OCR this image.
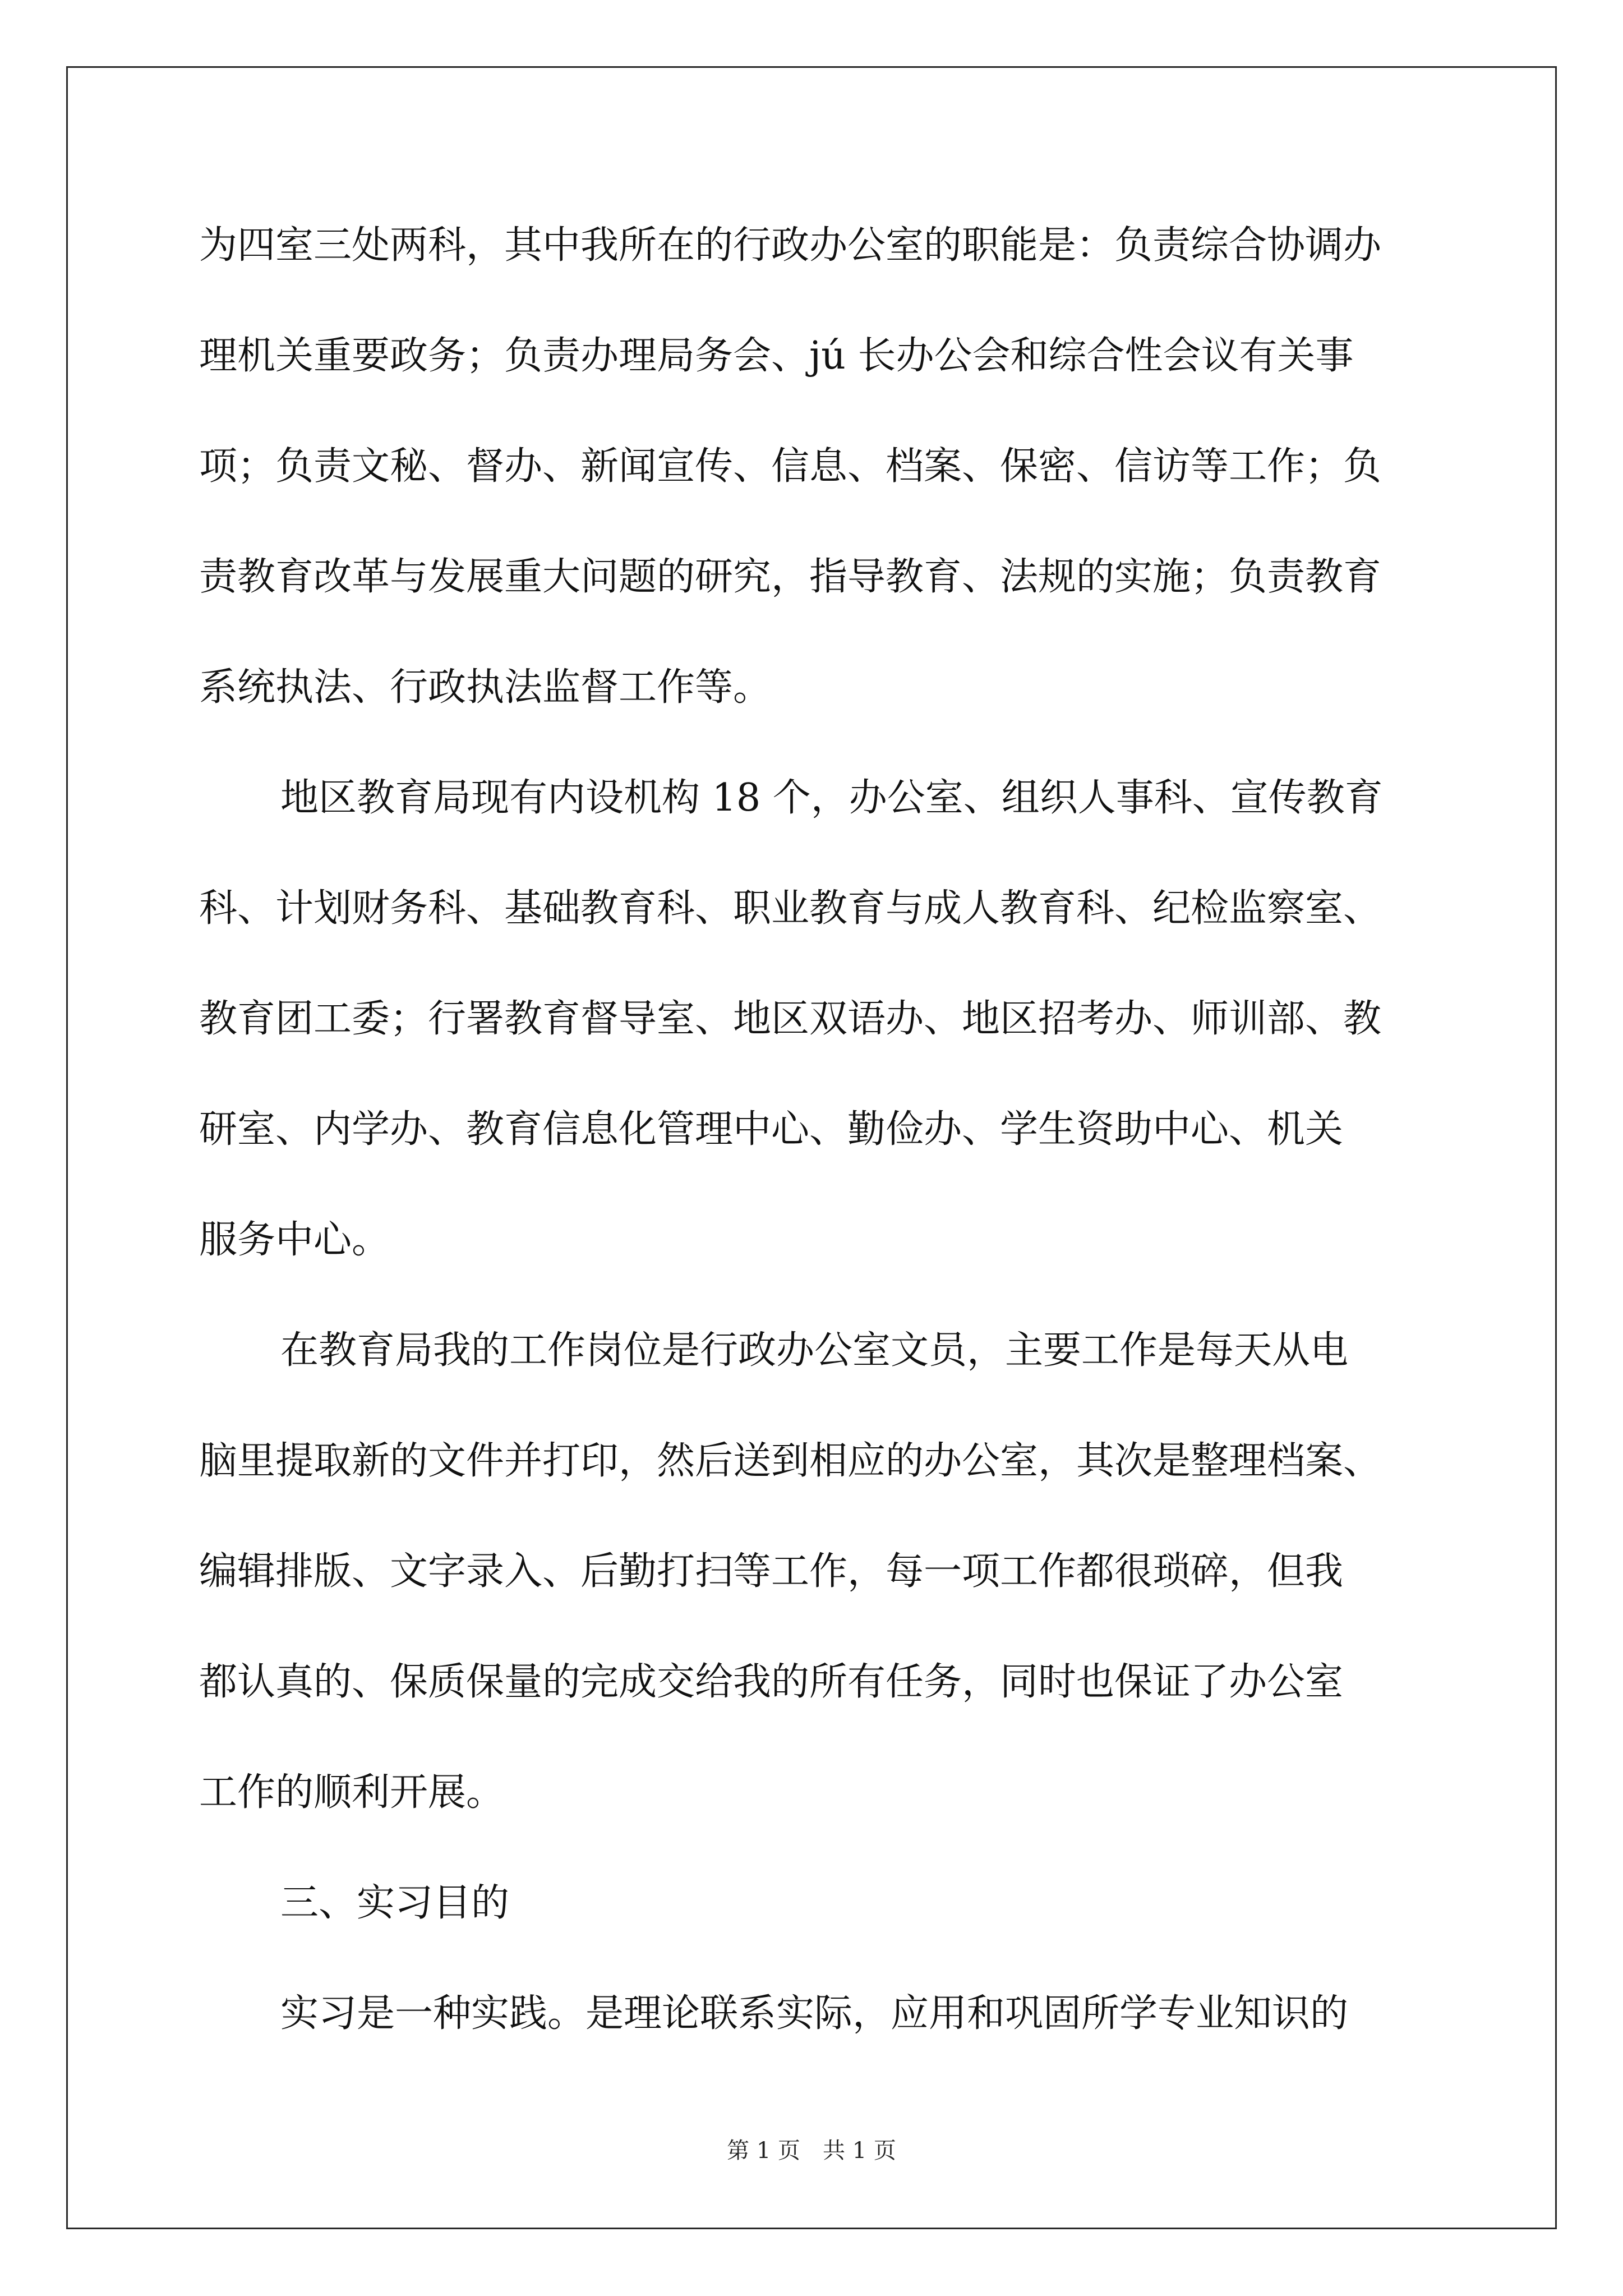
为四室三处两科，其中我所在的行政办公室的职能是：负责综合协调办
理机关重要政务；负责办理局务会、jú 长办公会和综合性会议有关事
项；负责文秘、督办、新闻宣传、信息、档案、保密、信访等工作；负
责教育改革与发展重大问题的研究，指导教育、法规的实施；负责教育
系统执法、行政执法监督工作等。
地区教育局现有内设机构 18 个，办公室、组织人事科、宣传教育
科、计划财务科、基础教育科、职业教育与成人教育科、纪检监察室、
教育团工委；行署教育督导室、地区双语办、地区招考办、师训部、教
研室、内学办、教育信息化管理中心、勤俭办、学生资助中心、机关
服务中心。
在教育局我的工作岗位是行政办公室文员，主要工作是每天从电
脑里提取新的文件并打印，然后送到相应的办公室，其次是整理档案、
编辑排版、文字录入、后勤打扫等工作，每一项工作都很琐碎，但我
都认真的、保质保量的完成交给我的所有任务，同时也保证了办公室
工作的顺利开展。
三、实习目的
实习是一种实践。是理论联系实际，应用和巩固所学专业知识的
第 1 页　共 1 页
